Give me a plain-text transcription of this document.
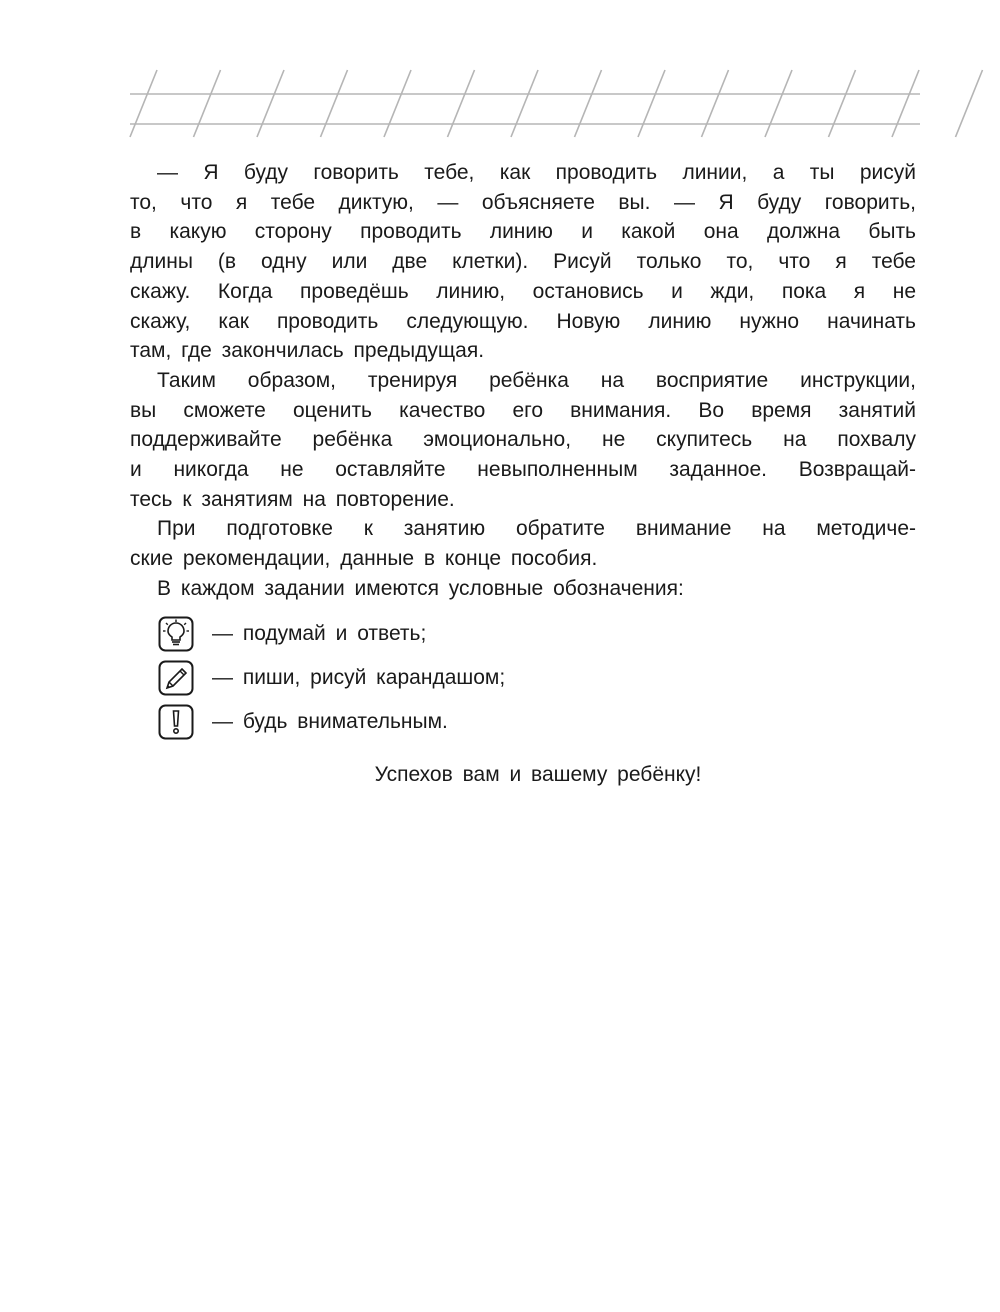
— Я буду говорить тебе, как проводить линии, а ты рисуй
то, что я тебе диктую, — объясняете вы. — Я буду говорить,
в какую сторону проводить линию и какой она должна быть
длины (в одну или две клетки). Рисуй только то, что я тебе
скажу. Когда проведёшь линию, остановись и жди, пока я не
скажу, как проводить следующую. Новую линию нужно начинать
там, где закончилась предыдущая.

Таким образом, тренируя ребёнка на восприятие инструкции,
вы сможете оценить качество его внимания. Во время занятий
поддерживайте ребёнка эмоционально, не скупитесь на похвалу
и никогда не оставляйте невыполненным заданное. Возвращай-
тесь к занятиям на повторение.

При подготовке к занятию обратите внимание на методиче-
ские рекомендации, данные в конце пособия.

В каждом задании имеются условные обозначения:

— подумай и ответь;
— пиши, рисуй карандашом;
— будь внимательным.
Успехов вам и вашему ребёнку!
